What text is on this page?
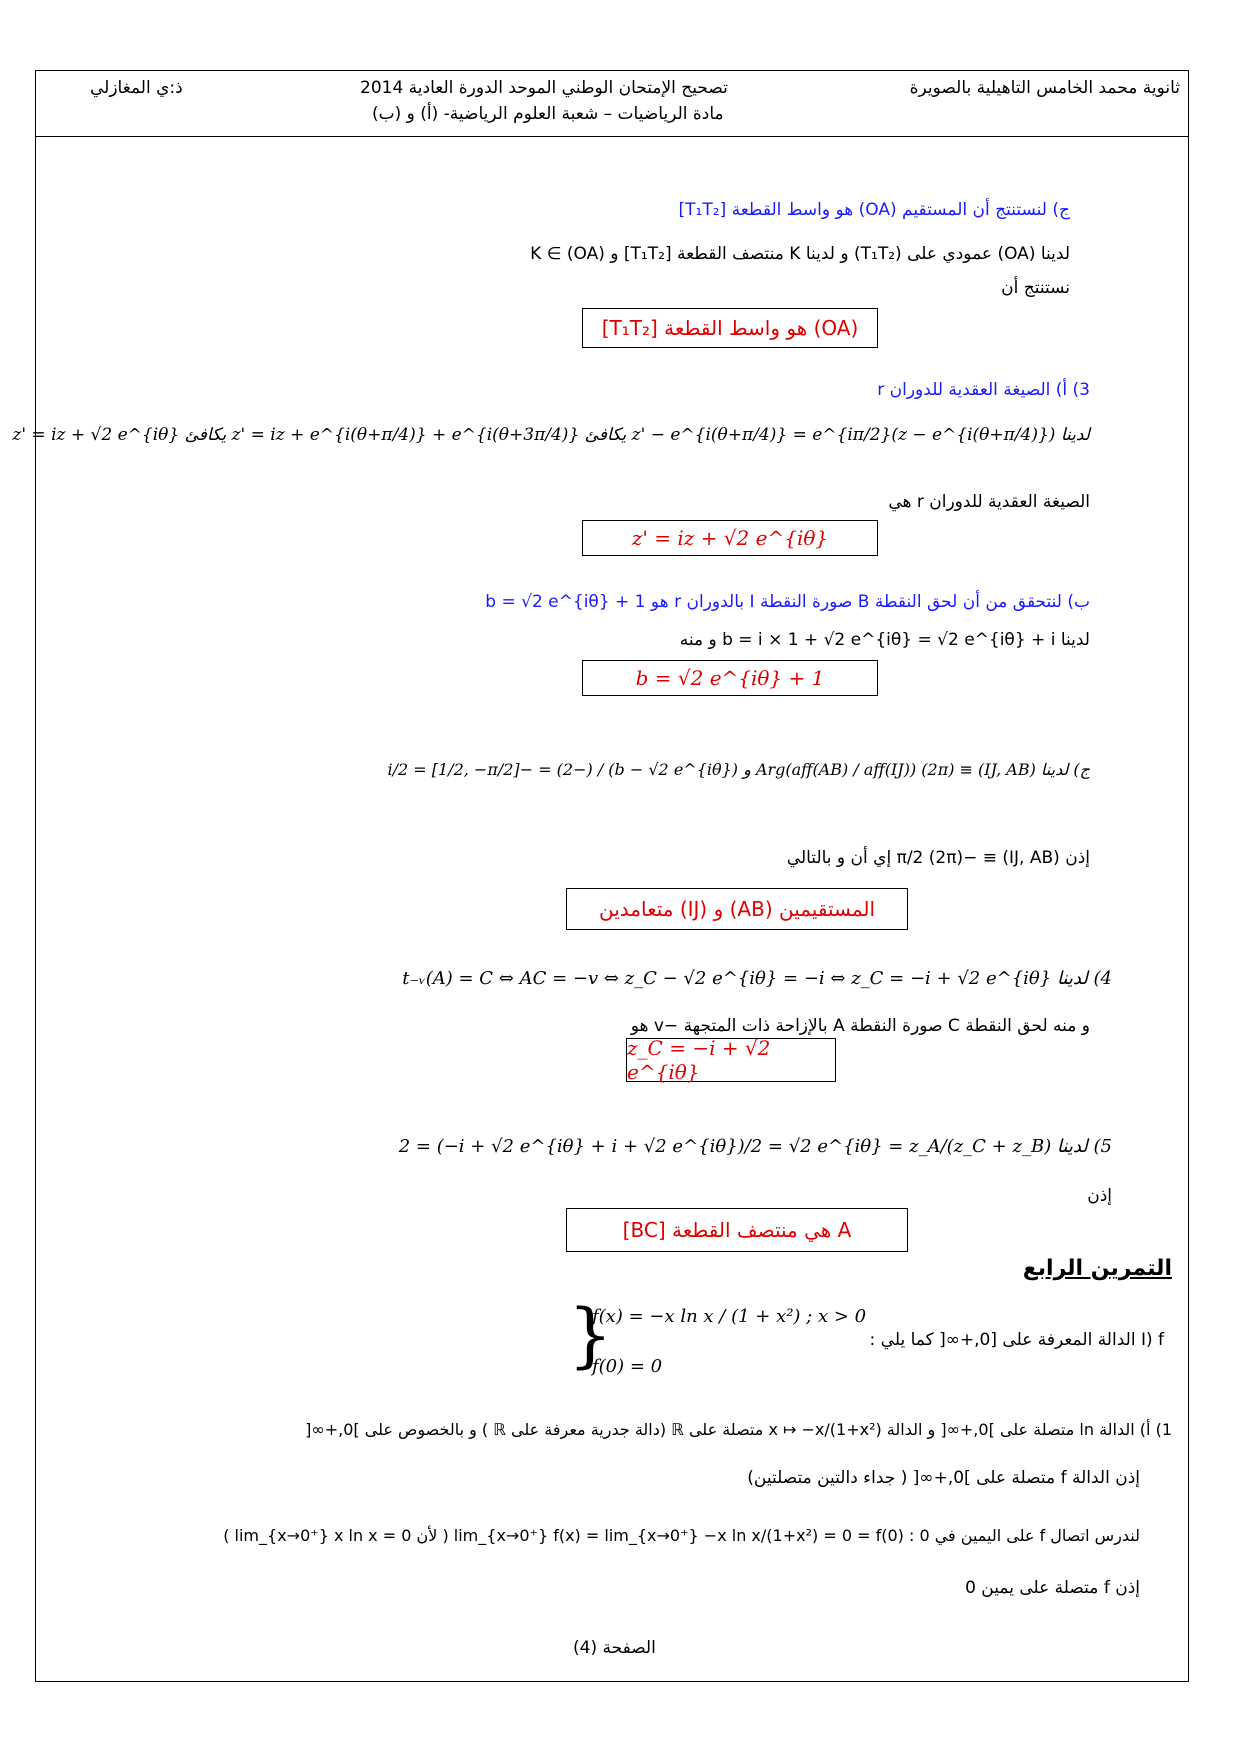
ثانوية محمد الخامس التاهيلية بالصويرة
تصحيح الإمتحان الوطني الموحد الدورة العادية 2014
مادة الرياضيات – شعبة العلوم الرياضية- (أ) و (ب)
ذ:ي المغازلي
ج) لنستنتج أن المستقيم (OA) هو واسط القطعة [T₁T₂]
لدينا (OA) عمودي على (T₁T₂) و لدينا K منتصف القطعة [T₁T₂] و K ∈ (OA)
نستنتج أن
(OA) هو واسط القطعة [T₁T₂]
3) أ) الصيغة العقدية للدوران r
لدينا z' − e^{i(θ+π/4)} = e^{iπ/2}(z − e^{i(θ+π/4)}) يكافئ z' = iz + e^{i(θ+π/4)} + e^{i(θ+3π/4)} يكافئ z' = iz + √2 e^{iθ}
الصيغة العقدية للدوران r هي
z' = iz + √2 e^{iθ}
ب) لنتحقق من أن لحق النقطة B صورة النقطة I بالدوران r هو b = √2 e^{iθ} + 1
لدينا b = i × 1 + √2 e^{iθ} = √2 e^{iθ} + i و منه
b = √2 e^{iθ} + 1
ج) لدينا (IJ, AB) ≡ Arg(aff(AB) / aff(IJ)) (2π) و (b − √2 e^{iθ}) / (−2) = −i/2 = [1/2, −π/2]
إذن (IJ, AB) ≡ −π/2 (2π) إي أن و بالتالي
المستقيمين (AB) و (IJ) متعامدين
4) لدينا t₋ᵥ(A) = C ⇔ AC = −v ⇔ z_C − √2 e^{iθ} = −i ⇔ z_C = −i + √2 e^{iθ}
و منه لحق النقطة C صورة النقطة A بالإزاحة ذات المتجهة −v هو
z_C = −i + √2 e^{iθ}
5) لدينا (z_C + z_B)/2 = (−i + √2 e^{iθ} + i + √2 e^{iθ})/2 = √2 e^{iθ} = z_A
إذن
A هي منتصف القطعة [BC]
التمرين الرابع
I) f الدالة المعرفة على [0,+∞[ كما يلي :
{
f(x) = −x ln x / (1 + x²) ; x > 0
f(0) = 0
1) أ) الدالة ln متصلة على ]0,+∞[ و الدالة x ↦ −x/(1+x²) متصلة على ℝ (دالة جدرية معرفة على ℝ ) و بالخصوص على ]0,+∞[
إذن الدالة f متصلة على ]0,+∞[ ( جداء دالتين متصلتين)
لندرس اتصال f على اليمين في 0 : lim_{x→0⁺} f(x) = lim_{x→0⁺} −x ln x/(1+x²) = 0 = f(0) ( لأن lim_{x→0⁺} x ln x = 0 )
إذن f متصلة على يمين 0
الصفحة (4)
